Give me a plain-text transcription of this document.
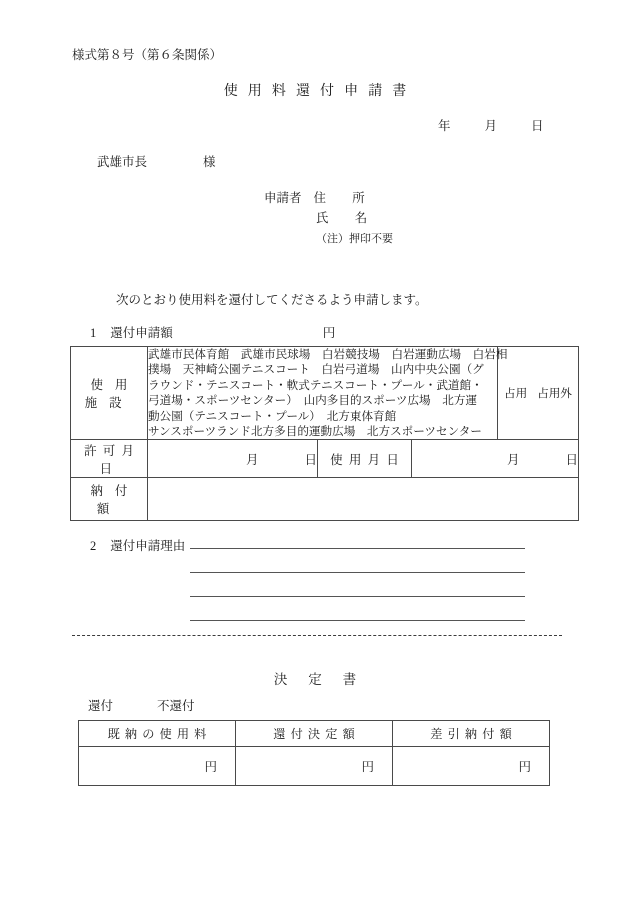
様式第８号（第６条関係）
使用料還付申請書
年	月	日
武雄市長	様
申請者 住　所
氏　名
（注）押印不要
次のとおり使用料を還付してくださるよう申請します。
1 還付申請額	円
使用施設	
武雄市民体育館　武雄市民球場　白岩競技場　白岩運動広場　白岩相
撲場　天神崎公園テニスコート　白岩弓道場　山内中央公園（グ
ラウンド・テニスコート・軟式テニスコート・プール・武道館・
弓道場・スポーツセンター）　山内多目的スポーツ広場　北方運
動公園（テニスコート・プール）　北方東体育館
サンスポーツランド北方多目的運動広場　北方スポーツセンター
	占用 占用外
許可月日	月 日	使用月日	月 日	
納付額				
2 還付申請理由
決定書
還付	不還付
既納の使用料	還付決定額	差引納付額
円	円	円
